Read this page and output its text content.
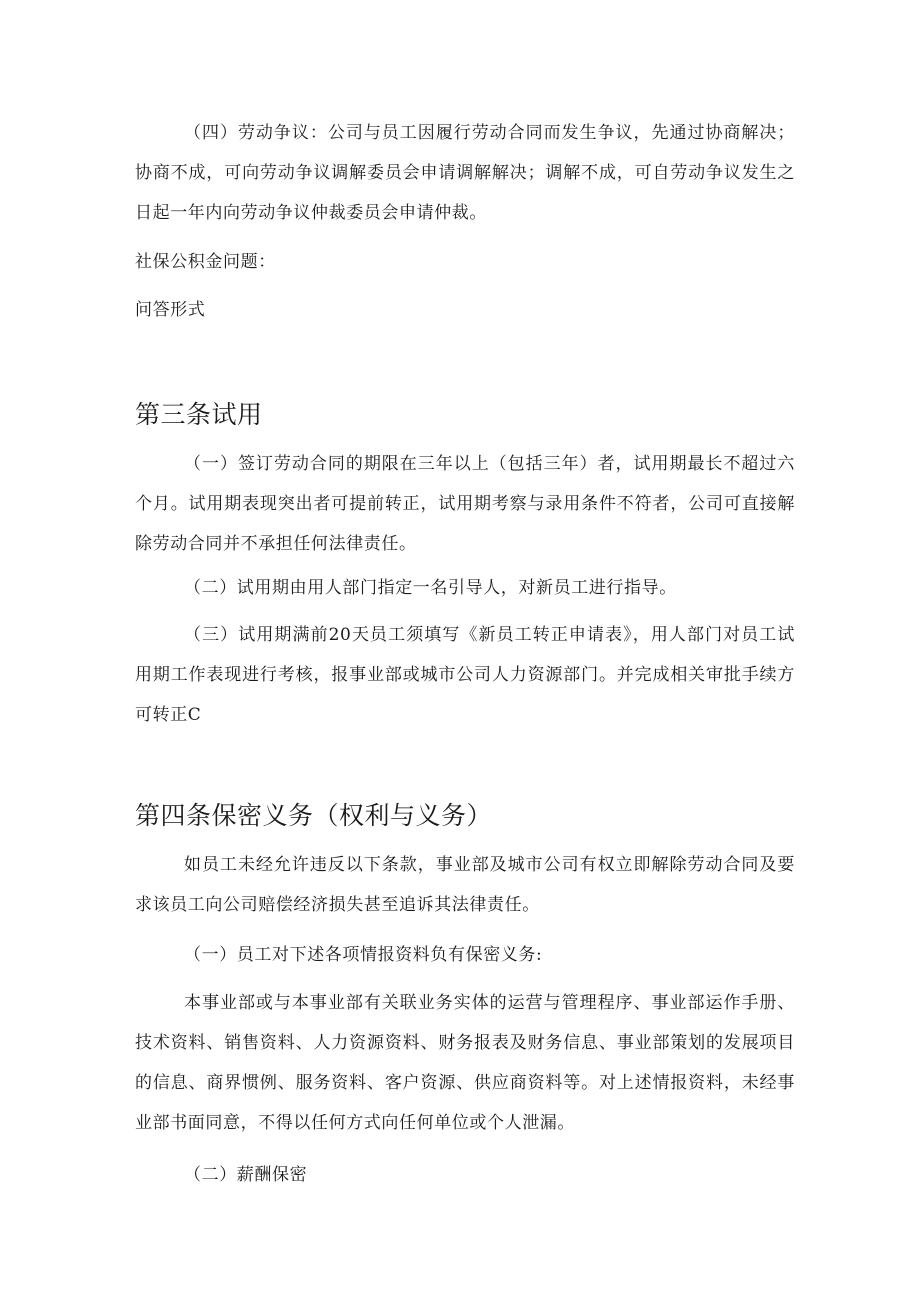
（四）劳动争议：公司与员工因履行劳动合同而发生争议，先通过协商解决；协商不成，可向劳动争议调解委员会申请调解解决；调解不成，可自劳动争议发生之日起一年内向劳动争议仲裁委员会申请仲裁。

社保公积金问题：

问答形式

第三条试用

（一）签订劳动合同的期限在三年以上（包括三年）者，试用期最长不超过六个月。试用期表现突出者可提前转正，试用期考察与录用条件不符者，公司可直接解除劳动合同并不承担任何法律责任。

（二）试用期由用人部门指定一名引导人，对新员工进行指导。

（三）试用期满前20天员工须填写《新员工转正申请表》，用人部门对员工试用期工作表现进行考核，报事业部或城市公司人力资源部门。并完成相关审批手续方可转正C

第四条保密义务（权利与义务）

如员工未经允许违反以下条款，事业部及城市公司有权立即解除劳动合同及要求该员工向公司赔偿经济损失甚至追诉其法律责任。

（一）员工对下述各项情报资料负有保密义务:

本事业部或与本事业部有关联业务实体的运营与管理程序、事业部运作手册、技术资料、销售资料、人力资源资料、财务报表及财务信息、事业部策划的发展项目的信息、商界惯例、服务资料、客户资源、供应商资料等。对上述情报资料，未经事业部书面同意，不得以任何方式向任何单位或个人泄漏。

（二）薪酬保密
